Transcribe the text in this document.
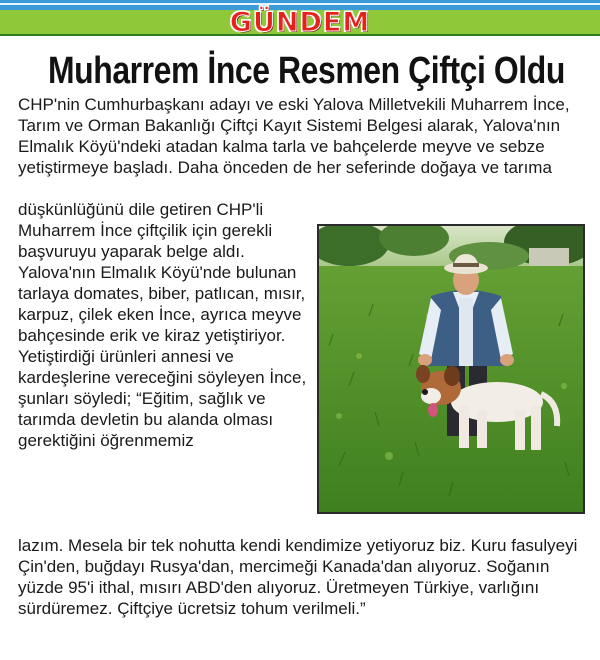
GÜNDEM
Muharrem İnce Resmen Çiftçi Oldu

CHP'nin Cumhurbaşkanı adayı ve eski Yalova Milletvekili Muharrem İnce, Tarım ve Orman Bakanlığı Çiftçi Kayıt Sistemi Belgesi alarak, Yalova'nın Elmalık Köyü'ndeki atadan kalma tarla ve bahçelerde meyve ve sebze yetiştirmeye başladı. Daha önceden de her seferinde doğaya ve tarıma

düşkünlüğünü dile getiren CHP'li Muharrem İnce çiftçilik için gerekli başvuruyu yaparak belge aldı. Yalova'nın Elmalık Köyü'nde bulunan tarlaya domates, biber, patlıcan, mısır, karpuz, çilek eken İnce, ayrıca meyve bahçesinde erik ve kiraz yetiştiriyor. Yetiştirdiği ürünleri annesi ve kardeşlerine vereceğini söyleyen İnce, şunları söyledi; “Eğitim, sağlık ve tarımda devletin bu alanda olması gerektiğini öğrenmemiz

lazım. Mesela bir tek nohutta kendi kendimize yetiyoruz biz. Kuru fasulyeyi Çin'den, buğdayı Rusya'dan, mercimeği Kanada'dan alıyoruz. Soğanın yüzde 95'i ithal, mısırı ABD'den alıyoruz. Üretmeyen Türkiye, varlığını sürdüremez. Çiftçiye ücretsiz tohum verilmeli.”
